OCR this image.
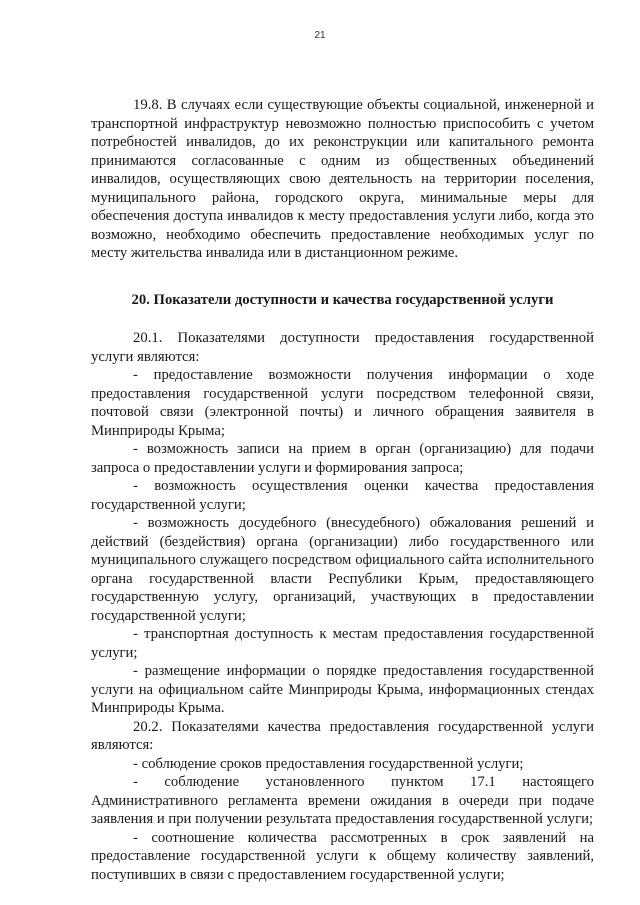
21

19.8. В случаях если существующие объекты социальной, инженерной и транспортной инфраструктур невозможно полностью приспособить с учетом потребностей инвалидов, до их реконструкции или капитального ремонта принимаются согласованные с одним из общественных объединений инвалидов, осуществляющих свою деятельность на территории поселения, муниципального района, городского округа, минимальные меры для обеспечения доступа инвалидов к месту предоставления услуги либо, когда это возможно, необходимо обеспечить предоставление необходимых услуг по месту жительства инвалида или в дистанционном режиме.

20. Показатели доступности и качества государственной услуги

20.1. Показателями доступности предоставления государственной услуги являются:

- предоставление возможности получения информации о ходе предоставления государственной услуги посредством телефонной связи, почтовой связи (электронной почты) и личного обращения заявителя в Минприроды Крыма;

- возможность записи на прием в орган (организацию) для подачи запроса о предоставлении услуги и формирования запроса;

- возможность осуществления оценки качества предоставления государственной услуги;

- возможность досудебного (внесудебного) обжалования решений и действий (бездействия) органа (организации) либо государственного или муниципального служащего посредством официального сайта исполнительного органа государственной власти Республики Крым, предоставляющего государственную услугу, организаций, участвующих в предоставлении государственной услуги;

- транспортная доступность к местам предоставления государственной услуги;

- размещение информации о порядке предоставления государственной услуги на официальном сайте Минприроды Крыма, информационных стендах Минприроды Крыма.

20.2. Показателями качества предоставления государственной услуги являются:

- соблюдение сроков предоставления государственной услуги;

- соблюдение установленного пунктом 17.1 настоящего Административного регламента времени ожидания в очереди при подаче заявления и при получении результата предоставления государственной услуги;

- соотношение количества рассмотренных в срок заявлений на предоставление государственной услуги к общему количеству заявлений, поступивших в связи с предоставлением государственной услуги;
